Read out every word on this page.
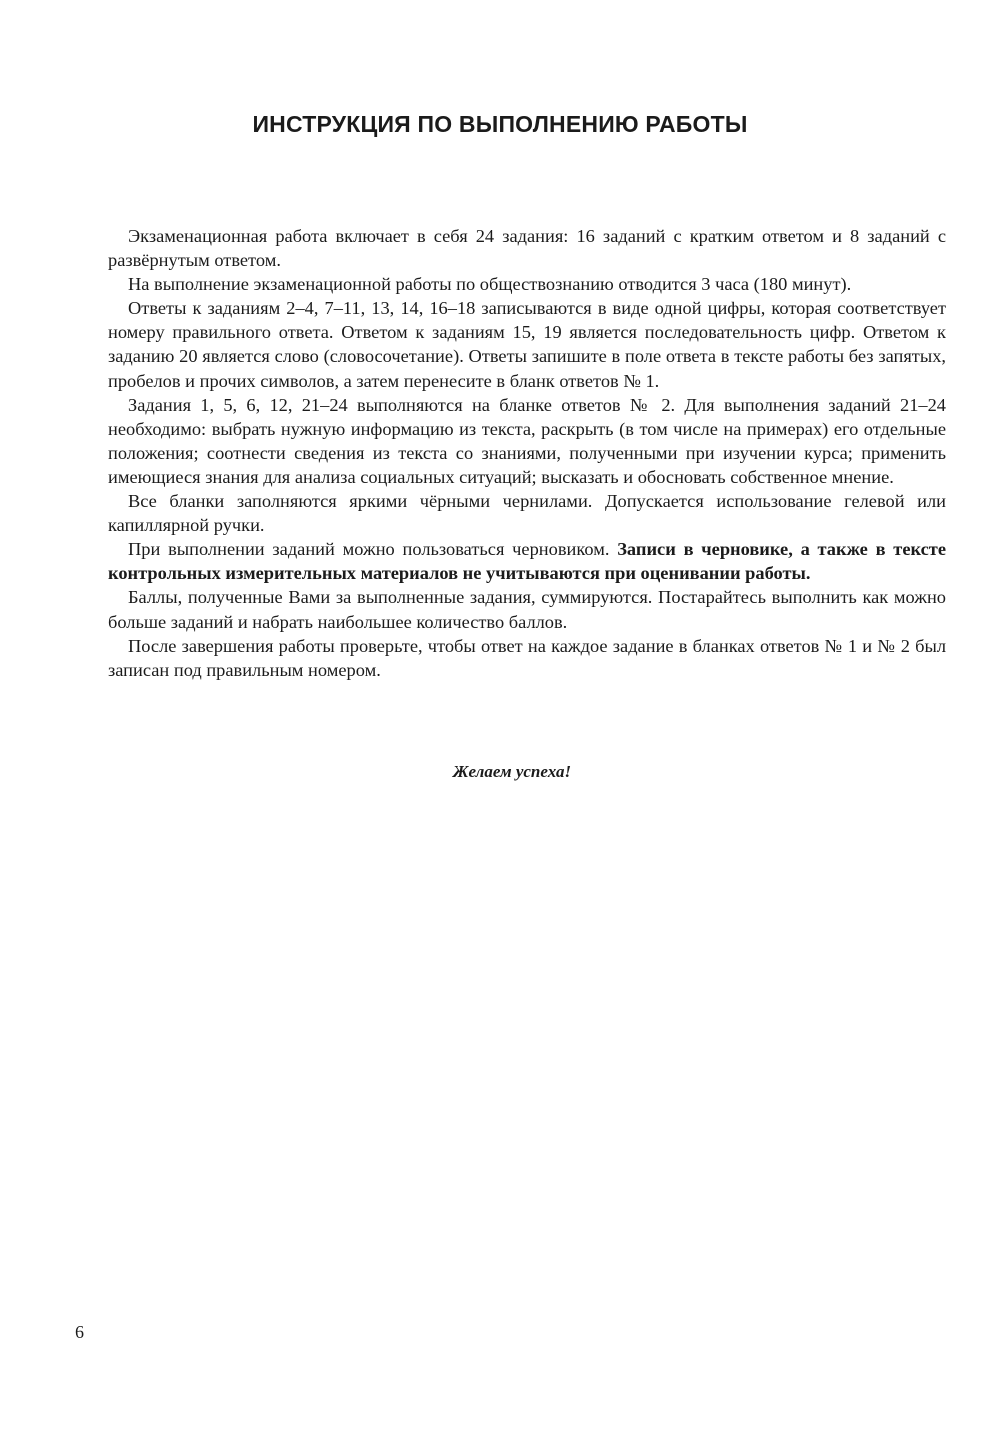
ИНСТРУКЦИЯ ПО ВЫПОЛНЕНИЮ РАБОТЫ

Экзаменационная работа включает в себя 24 задания: 16 заданий с кратким ответом и 8 заданий с развёрнутым ответом.

На выполнение экзаменационной работы по обществознанию отводится 3 часа (180 минут).

Ответы к заданиям 2–4, 7–11, 13, 14, 16–18 записываются в виде одной цифры, которая соответствует номеру правильного ответа. Ответом к заданиям 15, 19 является последовательность цифр. Ответом к заданию 20 является слово (словосочетание). Ответы запишите в поле ответа в тексте работы без запятых, пробелов и прочих символов, а затем перенесите в бланк ответов № 1.

Задания 1, 5, 6, 12, 21–24 выполняются на бланке ответов № 2. Для выполнения заданий 21–24 необходимо: выбрать нужную информацию из текста, раскрыть (в том числе на примерах) его отдельные положения; соотнести сведения из текста со знаниями, полученными при изучении курса; применить имеющиеся знания для анализа социальных ситуаций; высказать и обосновать собственное мнение.

Все бланки заполняются яркими чёрными чернилами. Допускается использование гелевой или капиллярной ручки.

При выполнении заданий можно пользоваться черновиком. Записи в черновике, а также в тексте контрольных измерительных материалов не учитываются при оценивании работы.

Баллы, полученные Вами за выполненные задания, суммируются. Постарайтесь выполнить как можно больше заданий и набрать наибольшее количество баллов.

После завершения работы проверьте, чтобы ответ на каждое задание в бланках ответов № 1 и № 2 был записан под правильным номером.

Желаем успеха!
6
